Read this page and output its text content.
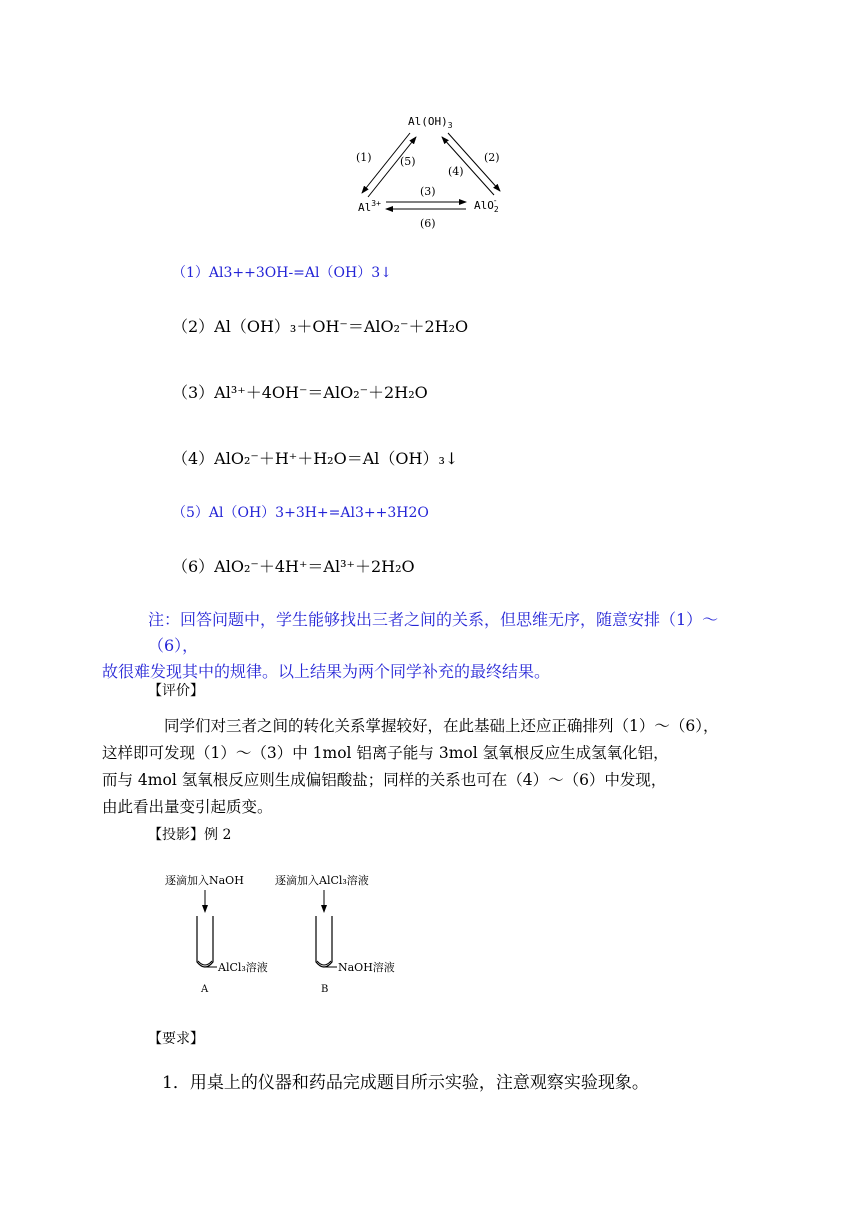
$Al(OH)_3$
$Al^{3+}$	AlO$_2$-
(1)	(5)	(2)
(4)
(3)
(6)
（1）Al3++3OH-=Al（OH）3↓
（2）Al（OH）₃＋OH⁻＝AlO₂⁻＋2H₂O
（3）Al³⁺＋4OH⁻＝AlO₂⁻＋2H₂O
（4）AlO₂⁻＋H⁺＋H₂O＝Al（OH）₃↓
（5）Al（OH）3+3H+=Al3++3H2O
（6）AlO₂⁻＋4H⁺＝Al³⁺＋2H₂O
注：回答问题中，学生能够找出三者之间的关系，但思维无序，随意安排（1）～（6），
故很难发现其中的规律。以上结果为两个同学补充的最终结果。
【评价】
同学们对三者之间的转化关系掌握较好，在此基础上还应正确排列（1）～（6），
这样即可发现（1）～（3）中 1mol 铝离子能与 3mol 氢氧根反应生成氢氧化铝，
而与 4mol 氢氧根反应则生成偏铝酸盐；同样的关系也可在（4）～（6）中发现，
由此看出量变引起质变。
【投影】例 2
逐滴加入NaOH
AlCl₃溶液
A
逐滴加入AlCl₃溶液
NaOH溶液
B
【要求】
1．用桌上的仪器和药品完成题目所示实验，注意观察实验现象。
